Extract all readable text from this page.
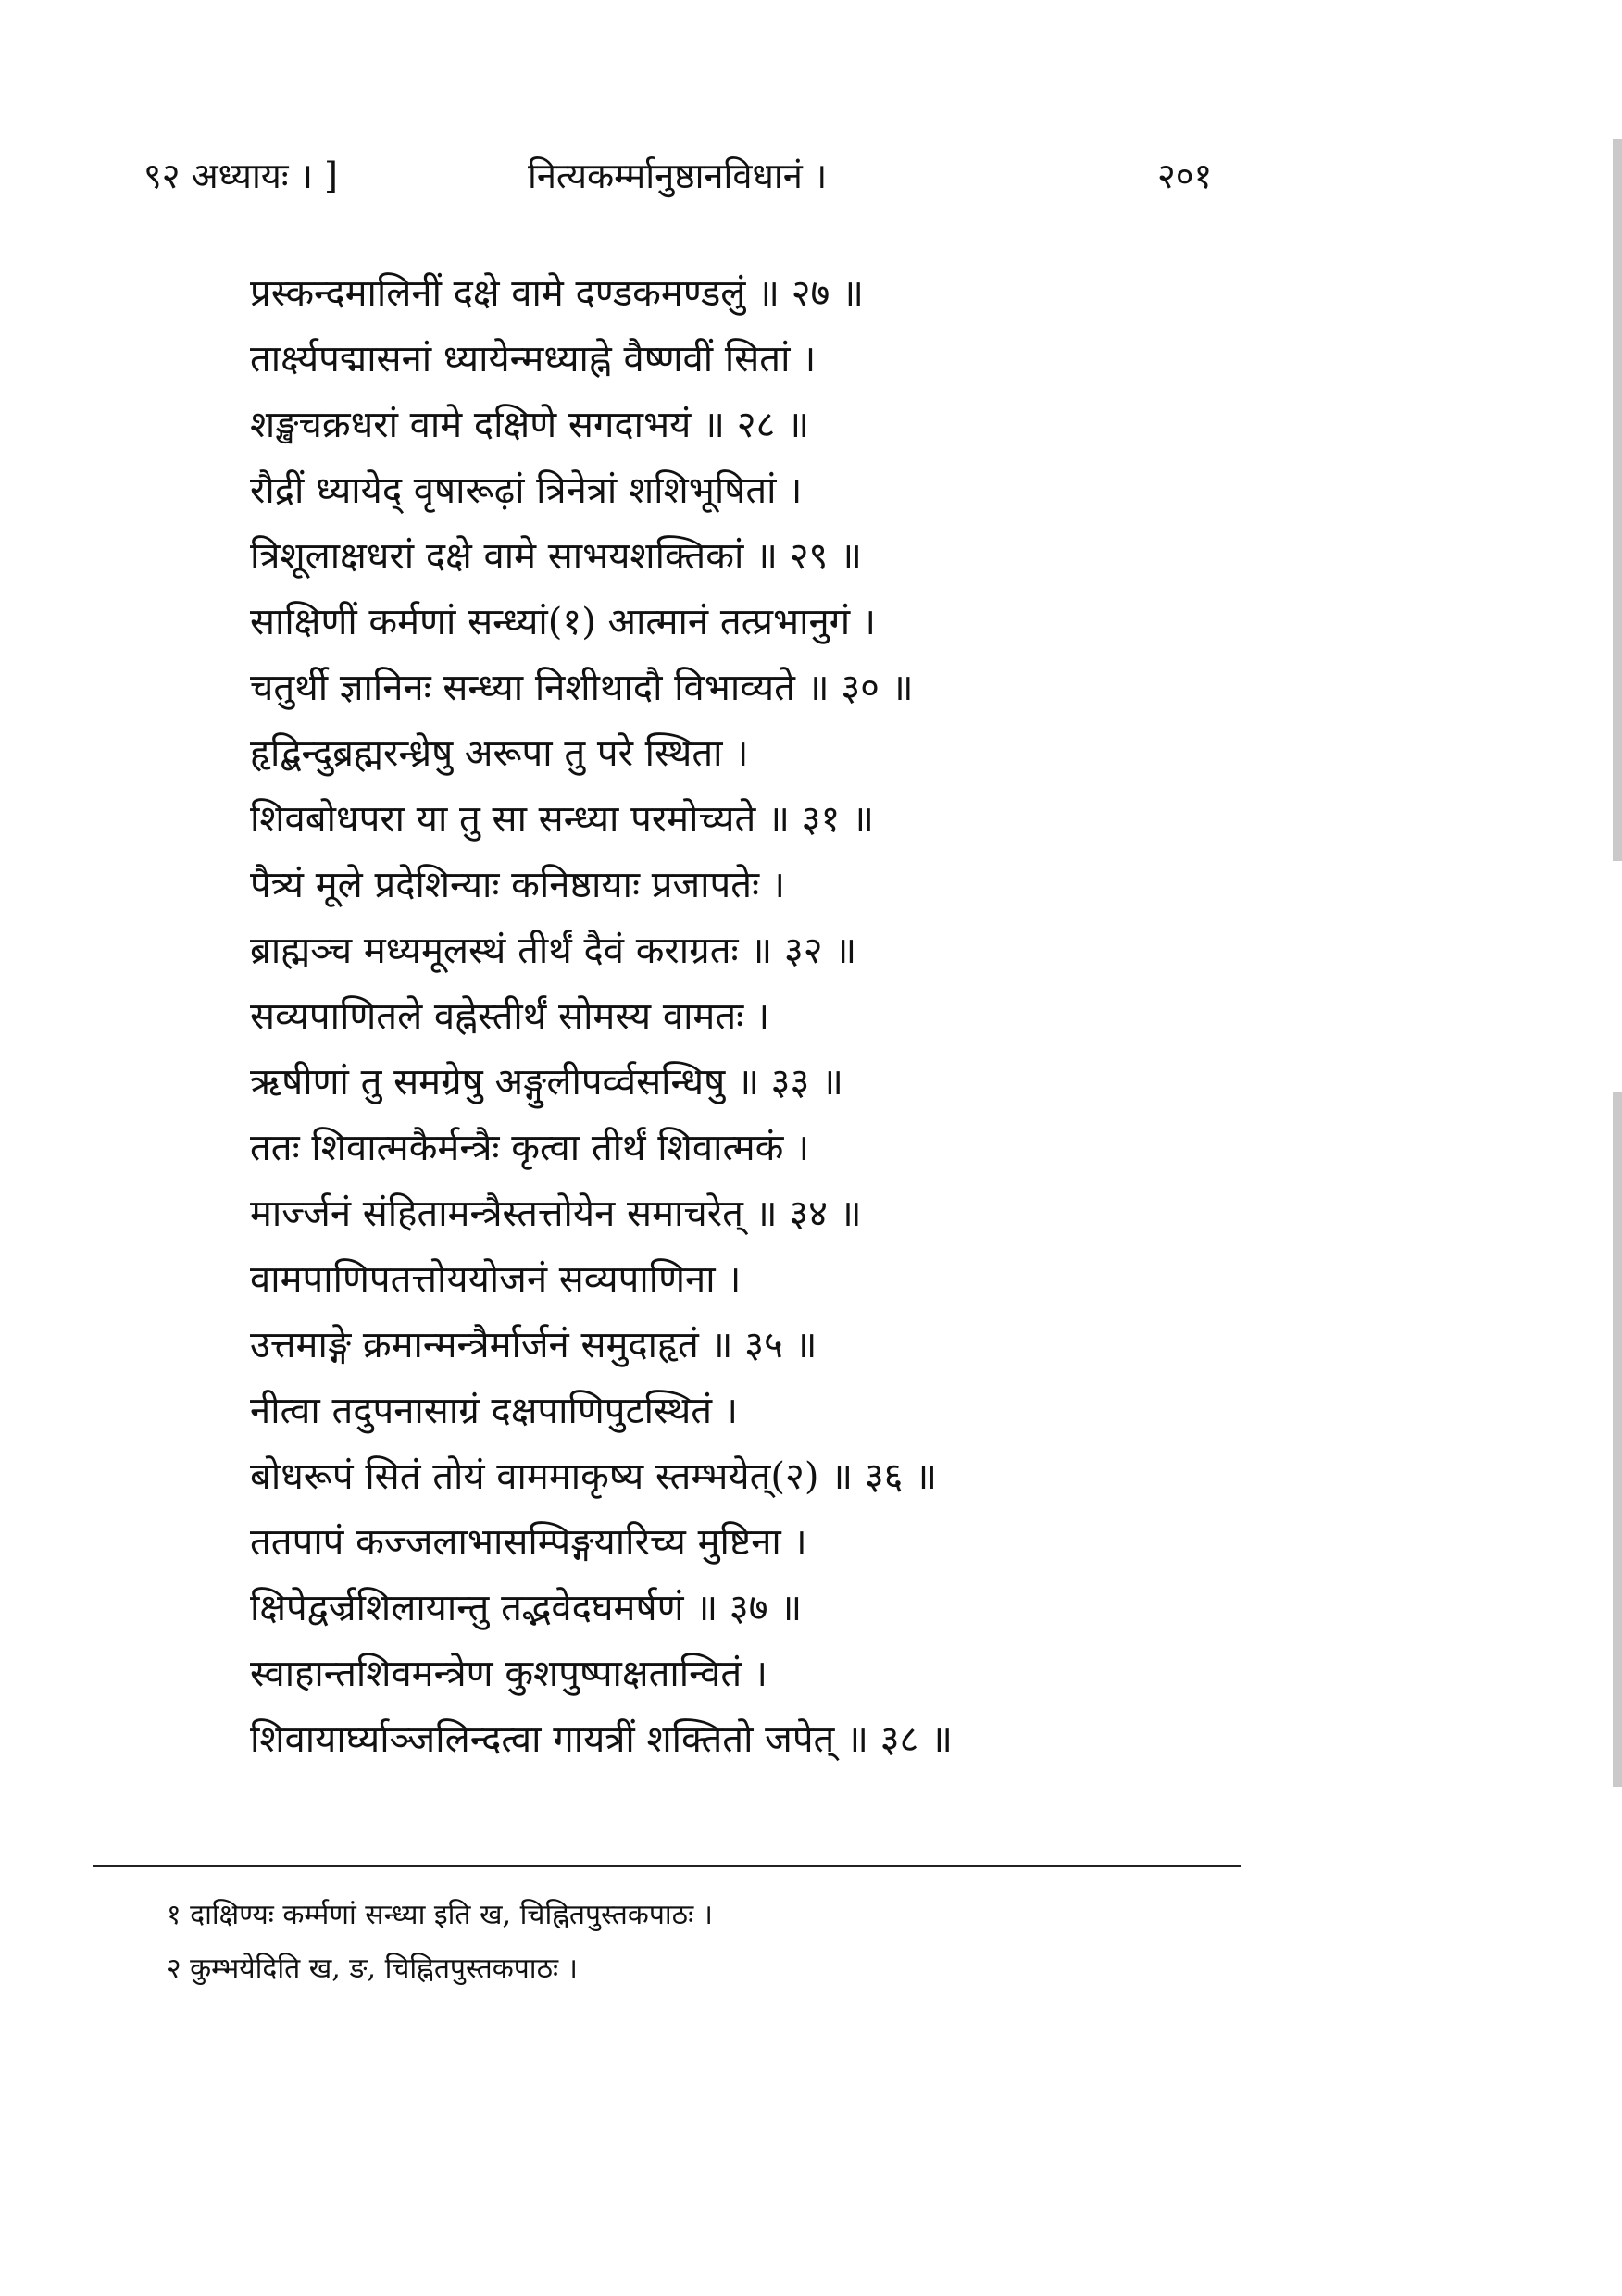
९२ अध्यायः । ]	नित्यकर्म्मानुष्ठानविधानं ।	२०१
प्रस्कन्दमालिनीं दक्षे वामे दण्डकमण्डलुं ॥ २७ ॥
तार्क्ष्यपद्मासनां ध्यायेन्मध्याह्ने वैष्णवीं सितां ।
शङ्खचक्रधरां वामे दक्षिणे सगदाभयं ॥ २८ ॥
रौद्रीं ध्यायेद् वृषारूढ़ां त्रिनेत्रां शशिभूषितां ।
त्रिशूलाक्षधरां दक्षे वामे साभयशक्तिकां ॥ २९ ॥
साक्षिणीं कर्मणां सन्ध्यां(१) आत्मानं तत्प्रभानुगं ।
चतुर्थी ज्ञानिनः सन्ध्या निशीथादौ विभाव्यते ॥ ३० ॥
हृद्बिन्दुब्रह्मरन्ध्रेषु अरूपा तु परे स्थिता ।
शिवबोधपरा या तु सा सन्ध्या परमोच्यते ॥ ३१ ॥
पैत्र्यं मूले प्रदेशिन्याः कनिष्ठायाः प्रजापतेः ।
ब्राह्मञ्च मध्यमूलस्थं तीर्थं दैवं कराग्रतः ॥ ३२ ॥
सव्यपाणितले वह्नेस्तीर्थं सोमस्य वामतः ।
ऋषीणां तु समग्रेषु अङ्गुलीपर्व्वसन्धिषु ॥ ३३ ॥
ततः शिवात्मकैर्मन्त्रैः कृत्वा तीर्थं शिवात्मकं ।
मार्ज्जनं संहितामन्त्रैस्तत्तोयेन समाचरेत् ॥ ३४ ॥
वामपाणिपतत्तोययोजनं सव्यपाणिना ।
उत्तमाङ्गे क्रमान्मन्त्रैर्मार्जनं समुदाहृतं ॥ ३५ ॥
नीत्वा तदुपनासाग्रं दक्षपाणिपुटस्थितं ।
बोधरूपं सितं तोयं वाममाकृष्य स्तम्भयेत्(२) ॥ ३६ ॥
ततपापं कज्जलाभासम्पिङ्गयारिच्य मुष्टिना ।
क्षिपेद्वर्ज्रशिलायान्तु तद्भवेदघमर्षणं ॥ ३७ ॥
स्वाहान्तशिवमन्त्रेण कुशपुष्पाक्षतान्वितं ।
शिवायार्घ्याञ्जलिन्दत्वा गायत्रीं शक्तितो जपेत् ॥ ३८ ॥
१ दाक्षिण्यः कर्म्मणां सन्ध्या इति ख, चिह्नितपुस्तकपाठः ।
२ कुम्भयेदिति ख, ङ, चिह्नितपुस्तकपाठः ।
